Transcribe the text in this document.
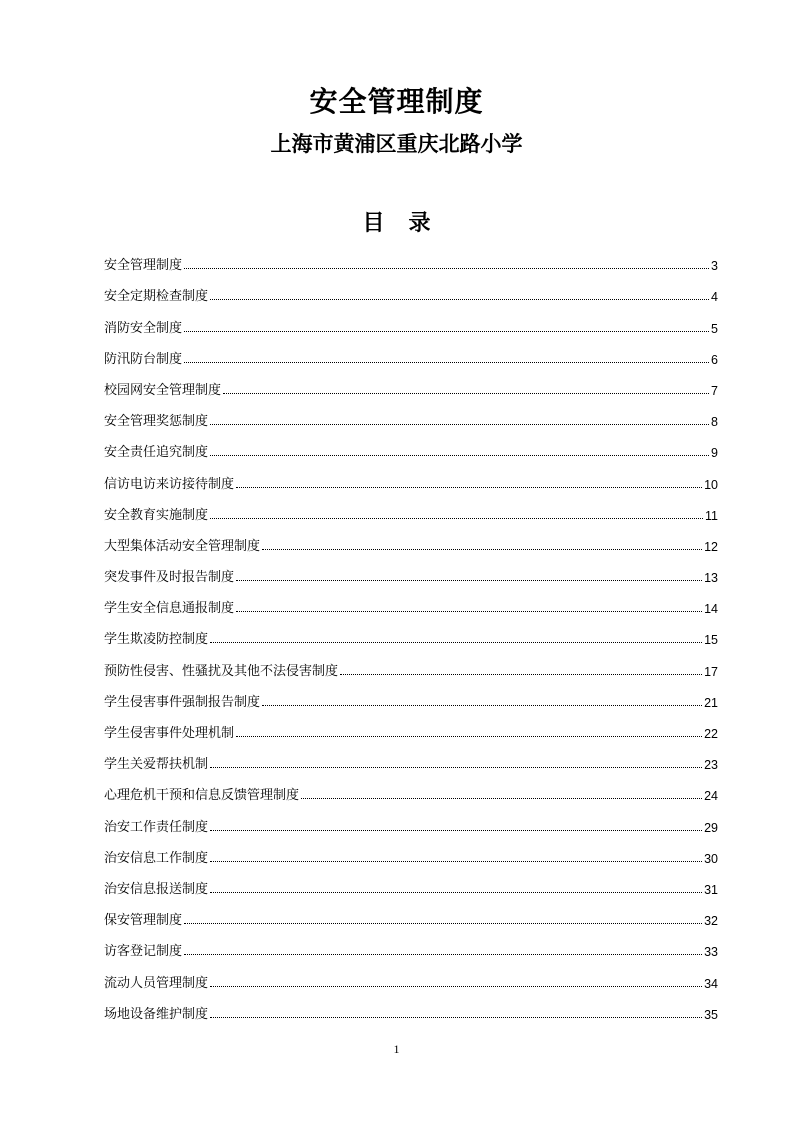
安全管理制度
上海市黄浦区重庆北路小学
目录
安全管理制度	3
安全定期检查制度	4
消防安全制度	5
防汛防台制度	6
校园网安全管理制度	7
安全管理奖惩制度	8
安全责任追究制度	9
信访电访来访接待制度	10
安全教育实施制度	11
大型集体活动安全管理制度	12
突发事件及时报告制度	13
学生安全信息通报制度	14
学生欺凌防控制度	15
预防性侵害、性骚扰及其他不法侵害制度	17
学生侵害事件强制报告制度	21
学生侵害事件处理机制	22
学生关爱帮扶机制	23
心理危机干预和信息反馈管理制度	24
治安工作责任制度	29
治安信息工作制度	30
治安信息报送制度	31
保安管理制度	32
访客登记制度	33
流动人员管理制度	34
场地设备维护制度	35
1
